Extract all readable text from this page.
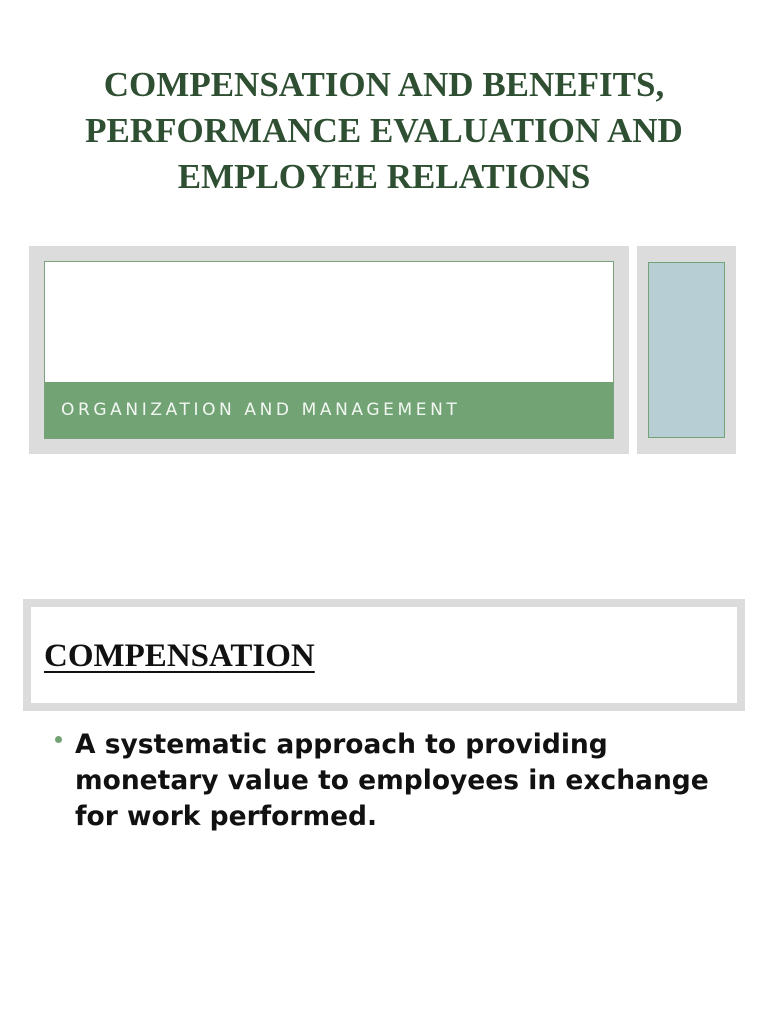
COMPENSATION AND BENEFITS, PERFORMANCE EVALUATION AND EMPLOYEE RELATIONS
ORGANIZATION AND MANAGEMENT
COMPENSATION
A systematic approach to providing monetary value to employees in exchange for work performed.
